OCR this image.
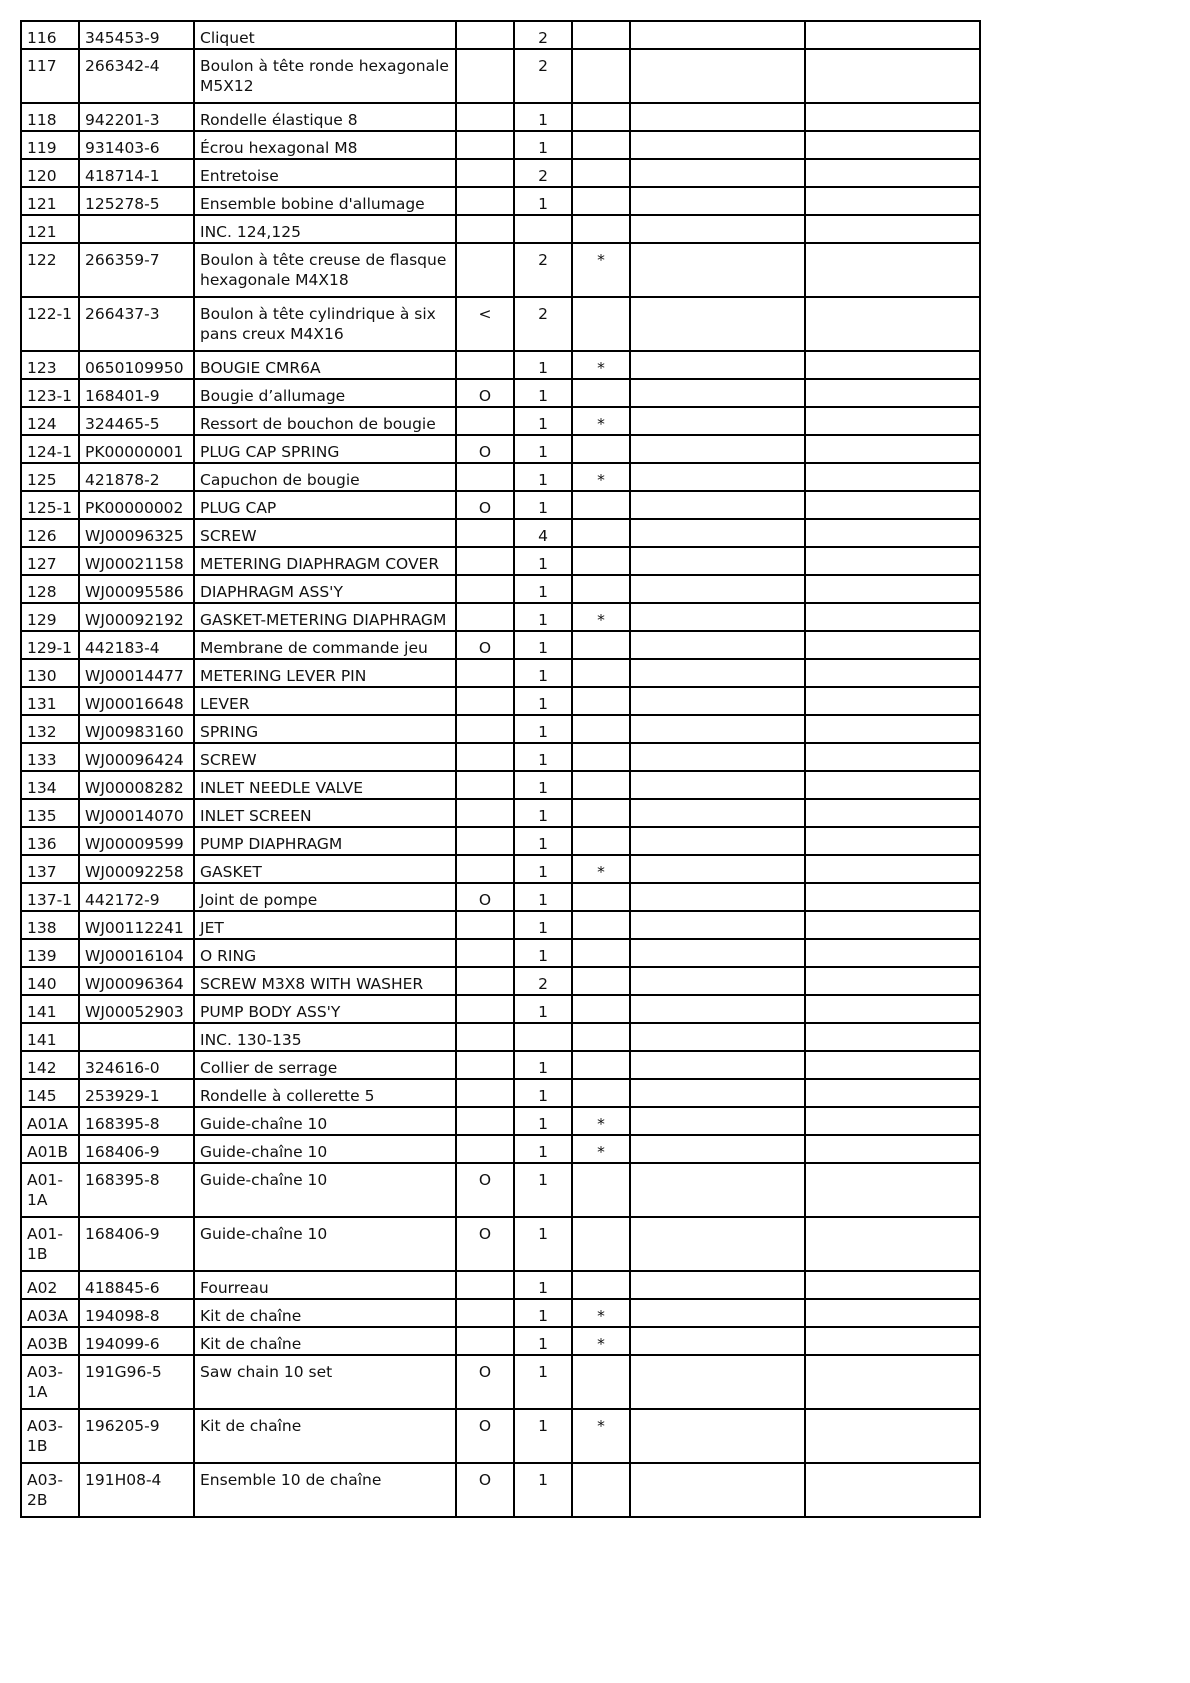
116	345453-9	Cliquet		2			
117	266342-4	Boulon à tête ronde hexagonale M5X12		2			
118	942201-3	Rondelle élastique 8		1			
119	931403-6	Écrou hexagonal M8		1			
120	418714-1	Entretoise		2			
121	125278-5	Ensemble bobine d'allumage		1			
121		INC. 124,125					
122	266359-7	Boulon à tête creuse de flasque hexagonale M4X18		2	*		
122-1	266437-3	Boulon à tête cylindrique à six pans creux M4X16	<	2			
123	0650109950	BOUGIE CMR6A		1	*		
123-1	168401-9	Bougie d’allumage	O	1			
124	324465-5	Ressort de bouchon de bougie		1	*		
124-1	PK00000001	PLUG CAP SPRING	O	1			
125	421878-2	Capuchon de bougie		1	*		
125-1	PK00000002	PLUG CAP	O	1			
126	WJ00096325	SCREW		4			
127	WJ00021158	METERING DIAPHRAGM COVER		1			
128	WJ00095586	DIAPHRAGM ASS'Y		1			
129	WJ00092192	GASKET-METERING DIAPHRAGM		1	*		
129-1	442183-4	Membrane de commande jeu	O	1			
130	WJ00014477	METERING LEVER PIN		1			
131	WJ00016648	LEVER		1			
132	WJ00983160	SPRING		1			
133	WJ00096424	SCREW		1			
134	WJ00008282	INLET NEEDLE VALVE		1			
135	WJ00014070	INLET SCREEN		1			
136	WJ00009599	PUMP DIAPHRAGM		1			
137	WJ00092258	GASKET		1	*		
137-1	442172-9	Joint de pompe	O	1			
138	WJ00112241	JET		1			
139	WJ00016104	O RING		1			
140	WJ00096364	SCREW M3X8 WITH WASHER		2			
141	WJ00052903	PUMP BODY ASS'Y		1			
141		INC. 130-135					
142	324616-0	Collier de serrage		1			
145	253929-1	Rondelle à collerette 5		1			
A01A	168395-8	Guide-chaîne 10		1	*		
A01B	168406-9	Guide-chaîne 10		1	*		
A01-1A	168395-8	Guide-chaîne 10	O	1			
A01-1B	168406-9	Guide-chaîne 10	O	1			
A02	418845-6	Fourreau		1			
A03A	194098-8	Kit de chaîne		1	*		
A03B	194099-6	Kit de chaîne		1	*		
A03-1A	191G96-5	Saw chain 10 set	O	1			
A03-1B	196205-9	Kit de chaîne	O	1	*		
A03-2B	191H08-4	Ensemble 10 de chaîne	O	1			
